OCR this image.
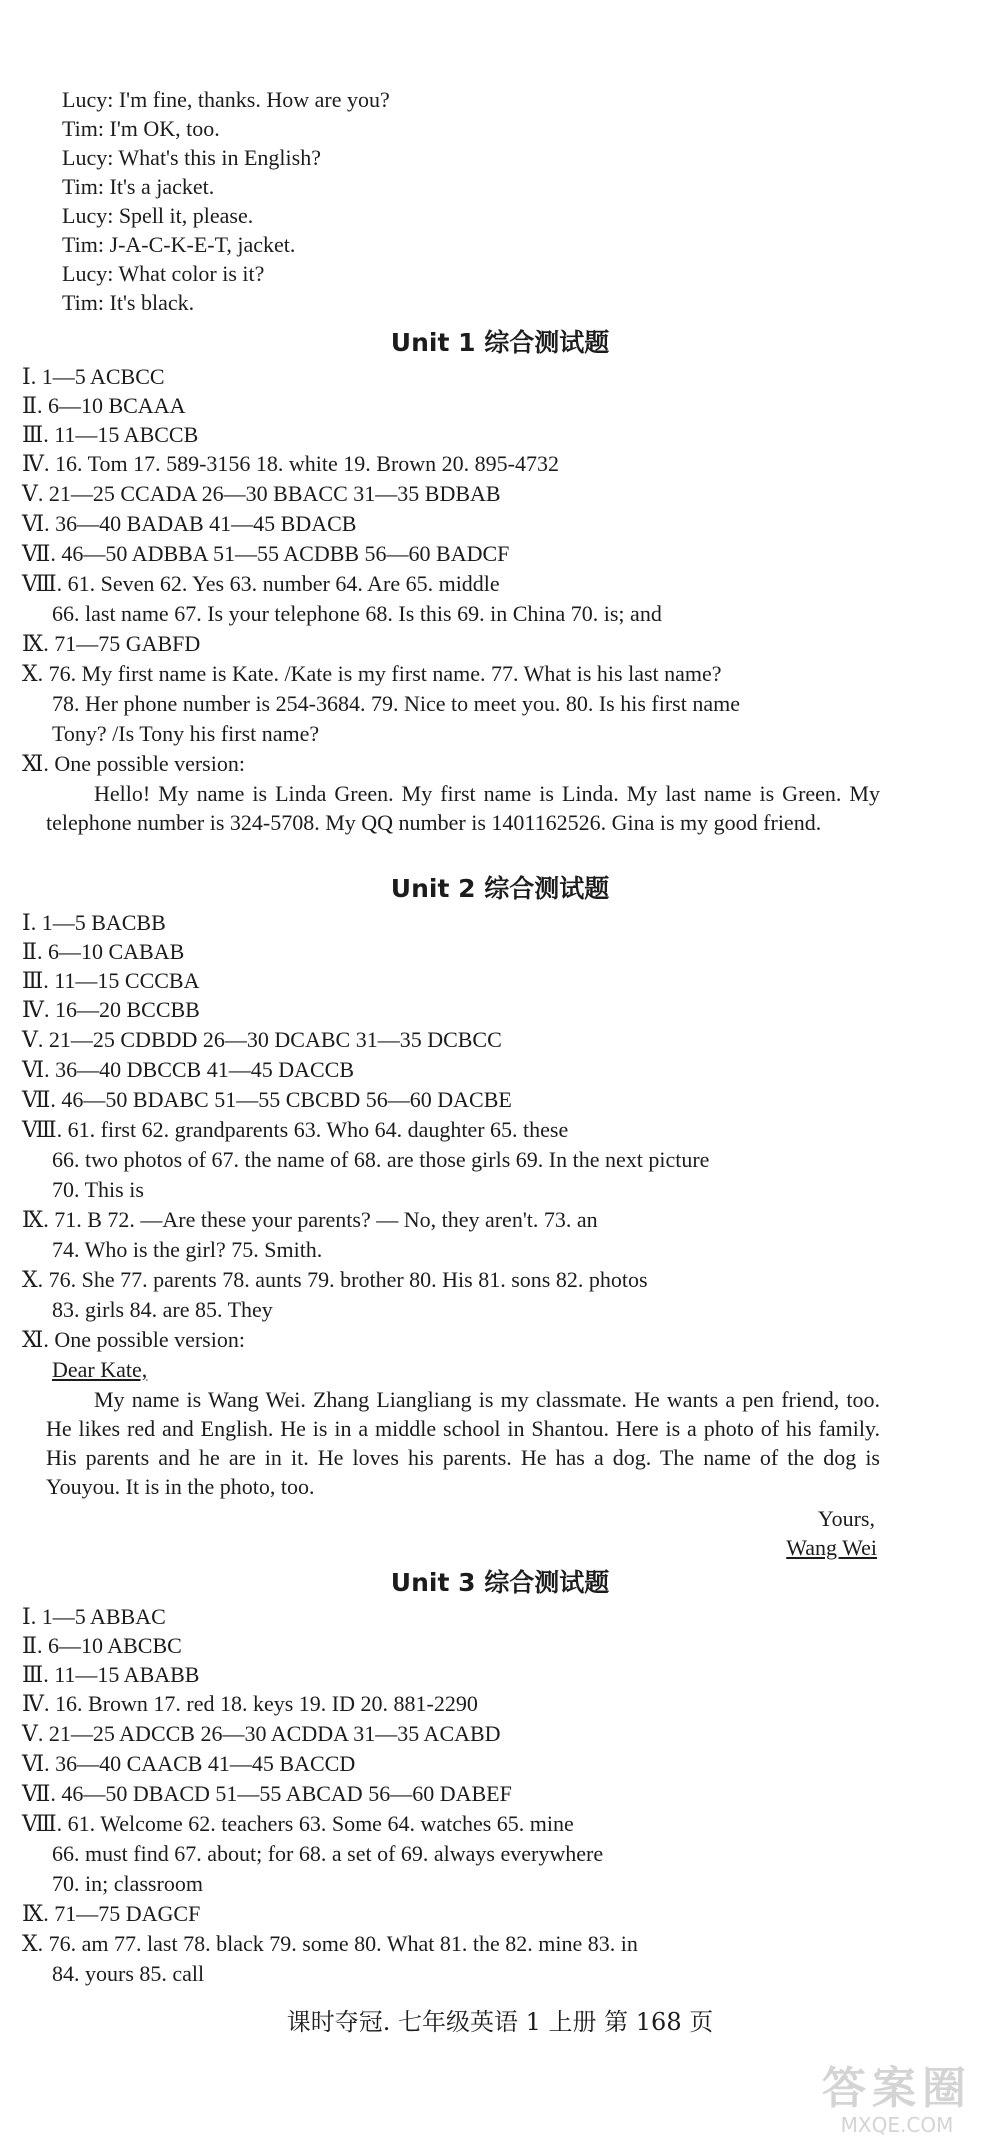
Lucy: I'm fine, thanks. How are you?
Tim: I'm OK, too.
Lucy: What's this in English?
Tim: It's a jacket.
Lucy: Spell it, please.
Tim: J-A-C-K-E-T, jacket.
Lucy: What color is it?
Tim: It's black.
Unit 1 综合测试题
Ⅰ. 1—5 ACBCC
Ⅱ. 6—10 BCAAA
Ⅲ. 11—15 ABCCB
Ⅳ. 16. Tom 17. 589-3156 18. white 19. Brown 20. 895-4732
Ⅴ. 21—25 CCADA 26—30 BBACC 31—35 BDBAB
Ⅵ. 36—40 BADAB 41—45 BDACB
Ⅶ. 46—50 ADBBA 51—55 ACDBB 56—60 BADCF
Ⅷ. 61. Seven 62. Yes 63. number 64. Are 65. middle
66. last name 67. Is your telephone 68. Is this 69. in China 70. is; and
Ⅸ. 71—75 GABFD
Ⅹ. 76. My first name is Kate. /Kate is my first name. 77. What is his last name?
78. Her phone number is 254-3684. 79. Nice to meet you. 80. Is his first name
Tony? /Is Tony his first name?
Ⅺ. One possible version:
Hello! My name is Linda Green. My first name is Linda. My last name is Green. My telephone number is 324-5708. My QQ number is 1401162526. Gina is my good friend.
Unit 2 综合测试题
Ⅰ. 1—5 BACBB
Ⅱ. 6—10 CABAB
Ⅲ. 11—15 CCCBA
Ⅳ. 16—20 BCCBB
Ⅴ. 21—25 CDBDD 26—30 DCABC 31—35 DCBCC
Ⅵ. 36—40 DBCCB 41—45 DACCB
Ⅶ. 46—50 BDABC 51—55 CBCBD 56—60 DACBE
Ⅷ. 61. first 62. grandparents 63. Who 64. daughter 65. these
66. two photos of 67. the name of 68. are those girls 69. In the next picture
70. This is
Ⅸ. 71. B 72. —Are these your parents? — No, they aren't. 73. an
74. Who is the girl? 75. Smith.
Ⅹ. 76. She 77. parents 78. aunts 79. brother 80. His 81. sons 82. photos
83. girls 84. are 85. They
Ⅺ. One possible version:
Dear Kate,
My name is Wang Wei. Zhang Liangliang is my classmate. He wants a pen friend, too. He likes red and English. He is in a middle school in Shantou. Here is a photo of his family. His parents and he are in it. He loves his parents. He has a dog. The name of the dog is Youyou. It is in the photo, too.
Yours,
Wang Wei
Unit 3 综合测试题
Ⅰ. 1—5 ABBAC
Ⅱ. 6—10 ABCBC
Ⅲ. 11—15 ABABB
Ⅳ. 16. Brown 17. red 18. keys 19. ID 20. 881-2290
Ⅴ. 21—25 ADCCB 26—30 ACDDA 31—35 ACABD
Ⅵ. 36—40 CAACB 41—45 BACCD
Ⅶ. 46—50 DBACD 51—55 ABCAD 56—60 DABEF
Ⅷ. 61. Welcome 62. teachers 63. Some 64. watches 65. mine
66. must find 67. about; for 68. a set of 69. always everywhere
70. in; classroom
Ⅸ. 71—75 DAGCF
Ⅹ. 76. am 77. last 78. black 79. some 80. What 81. the 82. mine 83. in
84. yours 85. call
课时夺冠. 七年级英语 1 上册 第 168 页
答案圈
MXQE.COM
